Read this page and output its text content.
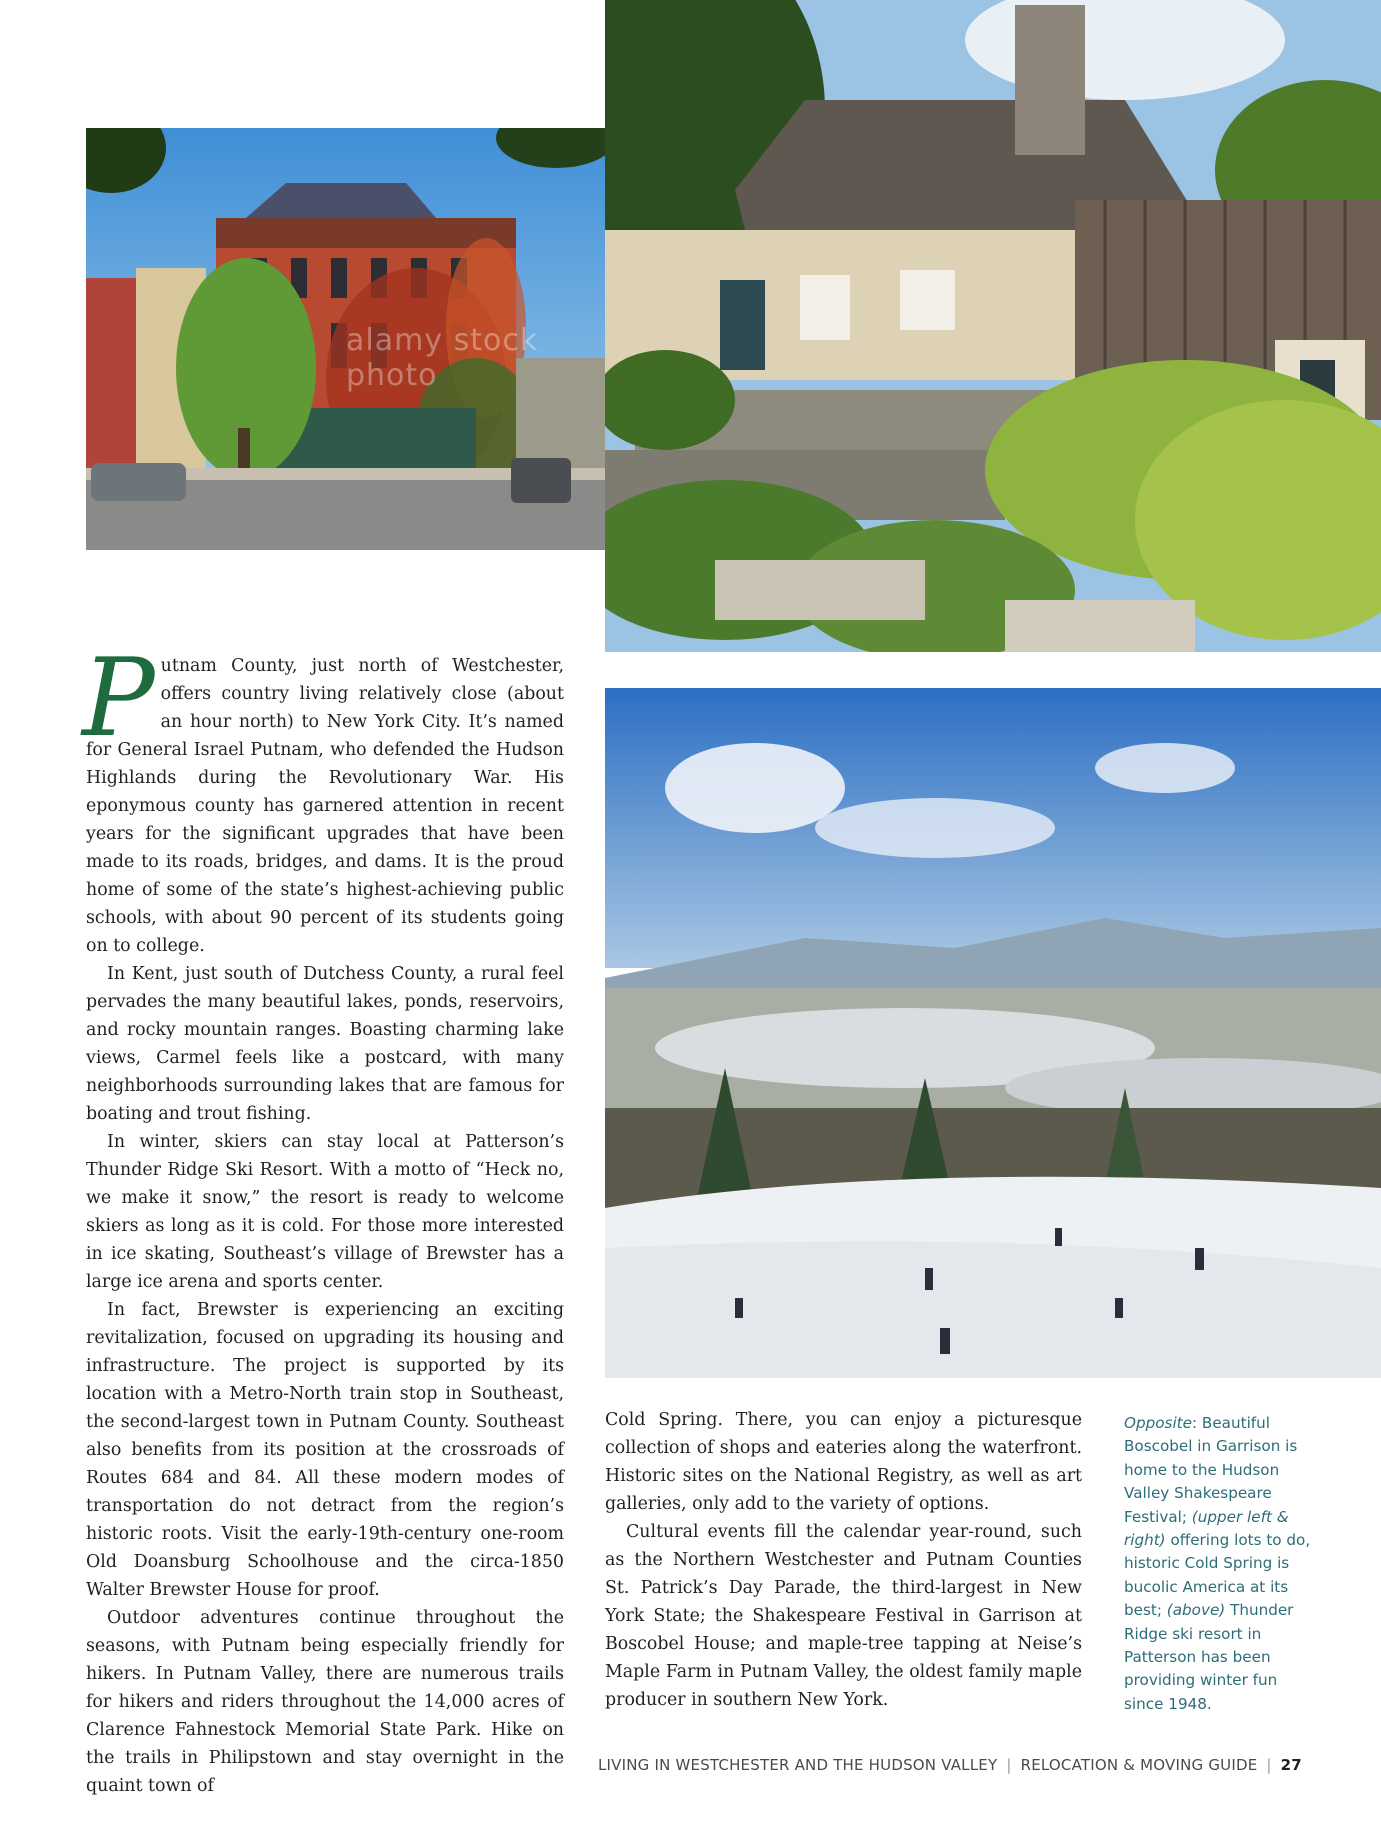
alamy stock photo

Putnam County, just north of Westchester, offers country living relatively close (about an hour north) to New York City. It’s named for General Israel Putnam, who defended the Hudson Highlands during the Revolutionary War. His eponymous county has garnered attention in recent years for the significant upgrades that have been made to its roads, bridges, and dams. It is the proud home of some of the state’s highest-achieving public schools, with about 90 percent of its students going on to college.

In Kent, just south of Dutchess County, a rural feel pervades the many beautiful lakes, ponds, reservoirs, and rocky mountain ranges. Boasting charming lake views, Carmel feels like a postcard, with many neighborhoods surrounding lakes that are famous for boating and trout fishing.

In winter, skiers can stay local at Patterson’s Thunder Ridge Ski Resort. With a motto of “Heck no, we make it snow,” the resort is ready to welcome skiers as long as it is cold. For those more interested in ice skating, Southeast’s village of Brewster has a large ice arena and sports center.

In fact, Brewster is experiencing an exciting revitalization, focused on upgrading its housing and infrastructure. The project is supported by its location with a Metro-North train stop in Southeast, the second-largest town in Putnam County. Southeast also benefits from its position at the crossroads of Routes 684 and 84. All these modern modes of transportation do not detract from the region’s historic roots. Visit the early-19th-century one-room Old Doansburg Schoolhouse and the circa-1850 Walter Brewster House for proof.

Outdoor adventures continue throughout the seasons, with Putnam being especially friendly for hikers. In Putnam Valley, there are numerous trails for hikers and riders throughout the 14,000 acres of Clarence Fahnestock Memorial State Park. Hike on the trails in Philipstown and stay overnight in the quaint town of

Cold Spring. There, you can enjoy a picturesque collection of shops and eateries along the waterfront. Historic sites on the National Registry, as well as art galleries, only add to the variety of options.

Cultural events fill the calendar year-round, such as the Northern Westchester and Putnam Counties St. Patrick’s Day Parade, the third-largest in New York State; the Shakespeare Festival in Garrison at Boscobel House; and maple-tree tapping at Neise’s Maple Farm in Putnam Valley, the oldest family maple producer in southern New York.

Opposite: Beautiful Boscobel in Garrison is home to the Hudson Valley Shakespeare Festival; (upper left & right) offering lots to do, historic Cold Spring is bucolic America at its best; (above) Thunder Ridge ski resort in Patterson has been providing winter fun since 1948.
LIVING IN WESTCHESTER AND THE HUDSON VALLEY | RELOCATION & MOVING GUIDE | 27
